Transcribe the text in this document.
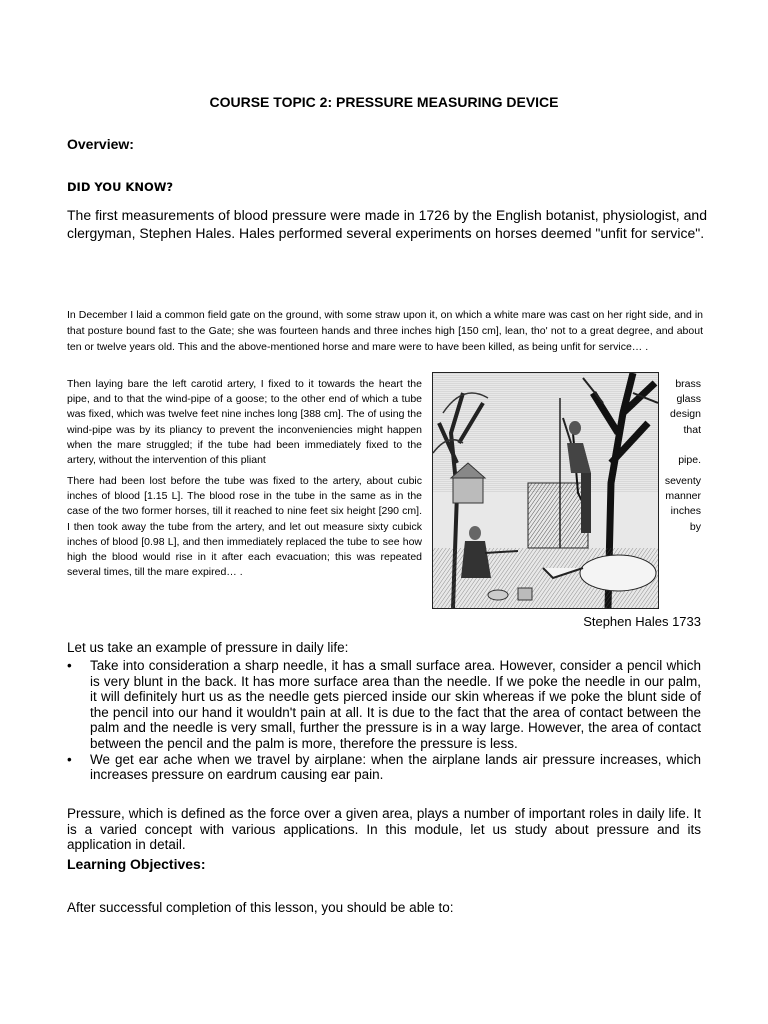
COURSE TOPIC 2: PRESSURE MEASURING DEVICE
Overview:
DID YOU KNOW?
The first measurements of blood pressure were made in 1726 by the English botanist, physiologist, and clergyman, Stephen Hales. Hales performed several experiments on horses deemed "unfit for service".
In December I laid a common field gate on the ground, with some straw upon it, on which a white mare was cast on her right side, and in that posture bound fast to the Gate; she was fourteen hands and three inches high [150 cm], lean, tho' not to a great degree, and about ten or twelve years old. This and the above-mentioned horse and mare were to have been killed, as being unfit for service… .
Then laying bare the left carotid artery, I fixed to it towards the heart the pipe, and to that the wind-pipe of a goose; to the other end of which a tube was fixed, which was twelve feet nine inches long [388 cm]. The of using the wind-pipe was by its pliancy to prevent the inconveniencies might happen when the mare struggled; if the tube had been immediately fixed to the artery, without the intervention of this pliant
brass
glass
design
that

pipe.
There had been lost before the tube was fixed to the artery, about cubic inches of blood [1.15 L]. The blood rose in the tube in the same as in the case of the two former horses, till it reached to nine feet six height [290 cm]. I then took away the tube from the artery, and let out measure sixty cubick inches of blood [0.98 L], and then immediately replaced the tube to see how high the blood would rise in it after each evacuation; this was repeated several times, till the mare expired… .
seventy
manner
inches
by
Stephen Hales 1733
Let us take an example of pressure in daily life:
• Take into consideration a sharp needle, it has a small surface area. However, consider a pencil which is very blunt in the back. It has more surface area than the needle. If we poke the needle in our palm, it will definitely hurt us as the needle gets pierced inside our skin whereas if we poke the blunt side of the pencil into our hand it wouldn't pain at all. It is due to the fact that the area of contact between the palm and the needle is very small, further the pressure is in a way large. However, the area of contact between the pencil and the palm is more, therefore the pressure is less.
• We get ear ache when we travel by airplane: when the airplane lands air pressure increases, which increases pressure on eardrum causing ear pain.
Pressure, which is defined as the force over a given area, plays a number of important roles in daily life. It is a varied concept with various applications. In this module, let us study about pressure and its application in detail.
Learning Objectives:
After successful completion of this lesson, you should be able to:
